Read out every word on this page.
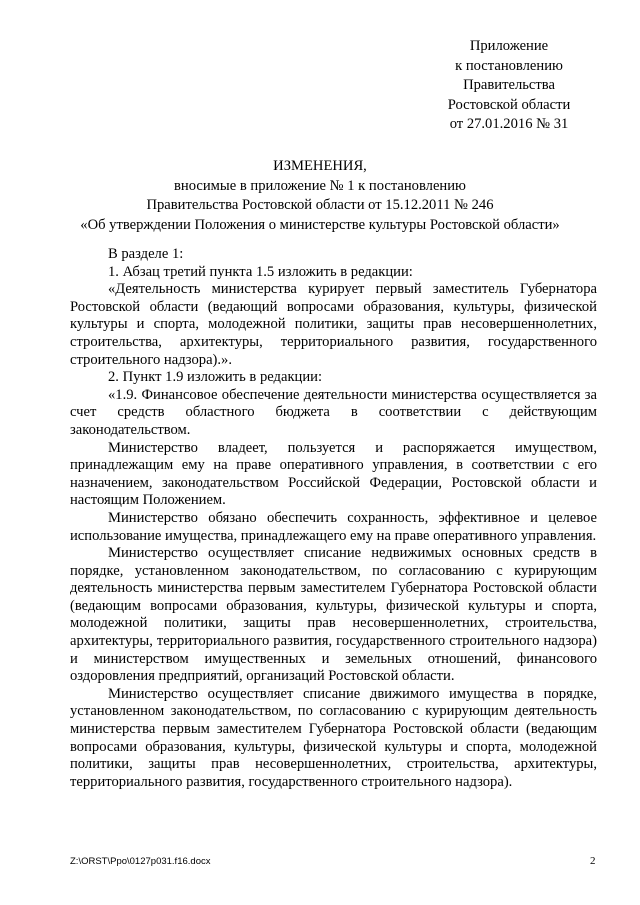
Приложение
к постановлению
Правительства
Ростовской области
от 27.01.2016 № 31
ИЗМЕНЕНИЯ,
вносимые в приложение № 1 к постановлению
Правительства Ростовской области от 15.12.2011 № 246
«Об утверждении Положения о министерстве культуры Ростовской области»

В разделе 1:

1. Абзац третий пункта 1.5 изложить в редакции:

«Деятельность министерства курирует первый заместитель Губернатора Ростовской области (ведающий вопросами образования, культуры, физической культуры и спорта, молодежной политики, защиты прав несовершеннолетних, строительства, архитектуры, территориального развития, государственного строительного надзора).».

2. Пункт 1.9 изложить в редакции:

«1.9. Финансовое обеспечение деятельности министерства осуществляется за счет средств областного бюджета в соответствии с действующим законодательством.

Министерство владеет, пользуется и распоряжается имуществом, принадлежащим ему на праве оперативного управления, в соответствии с его назначением, законодательством Российской Федерации, Ростовской области и настоящим Положением.

Министерство обязано обеспечить сохранность, эффективное и целевое использование имущества, принадлежащего ему на праве оперативного управления.

Министерство осуществляет списание недвижимых основных средств в порядке, установленном законодательством, по согласованию с курирующим деятельность министерства первым заместителем Губернатора Ростовской области (ведающим вопросами образования, культуры, физической культуры и спорта, молодежной политики, защиты прав несовершеннолетних, строительства, архитектуры, территориального развития, государственного строительного надзора) и министерством имущественных и земельных отношений, финансового оздоровления предприятий, организаций Ростовской области.

Министерство осуществляет списание движимого имущества в порядке, установленном законодательством, по согласованию с курирующим деятельность министерства первым заместителем Губернатора Ростовской области (ведающим вопросами образования, культуры, физической культуры и спорта, молодежной политики, защиты прав несовершеннолетних, строительства, архитектуры, территориального развития, государственного строительного надзора).

Z:\ORST\Ppo\0127p031.f16.docx	2
